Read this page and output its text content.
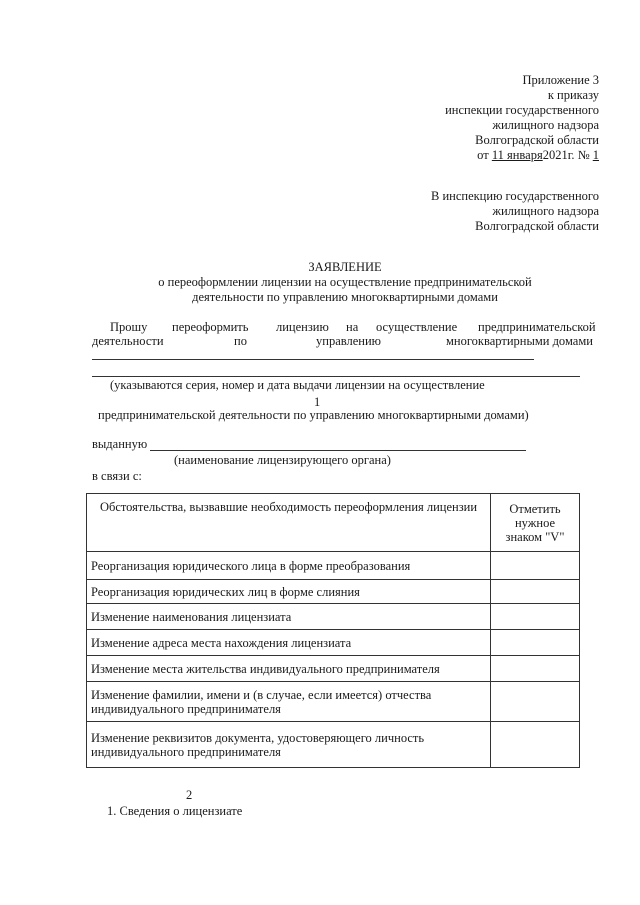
Приложение 3
к приказу
инспекции государственного
жилищного надзора
Волгоградской области
от 11 января2021г. № 1
В инспекцию государственного
жилищного надзора
Волгоградской области
ЗАЯВЛЕНИЕ
о переоформлении лицензии на осуществление предпринимательской
деятельности по управлению многоквартирными домами
Прошу переоформить лицензию на осуществление предпринимательской
деятельности	по	управлению	многоквартирными домами
(указываются серия, номер и дата выдачи лицензии на осуществление
1
предпринимательской деятельности по управлению многоквартирными домами)
выданную
(наименование лицензирующего органа)
в связи с:
Обстоятельства, вызвавшие необходимость переоформления лицензии	Отметить
нужное
знаком "V"

Реорганизация юридического лица в форме преобразования	
Реорганизация юридических лиц в форме слияния	
Изменение наименования лицензиата	
Изменение адреса места нахождения лицензиата	
Изменение места жительства индивидуального предпринимателя	
Изменение фамилии, имени и (в случае, если имеется) отчества индивидуального предпринимателя	
Изменение реквизитов документа, удостоверяющего личность индивидуального предпринимателя	
2
1. Сведения о лицензиате
